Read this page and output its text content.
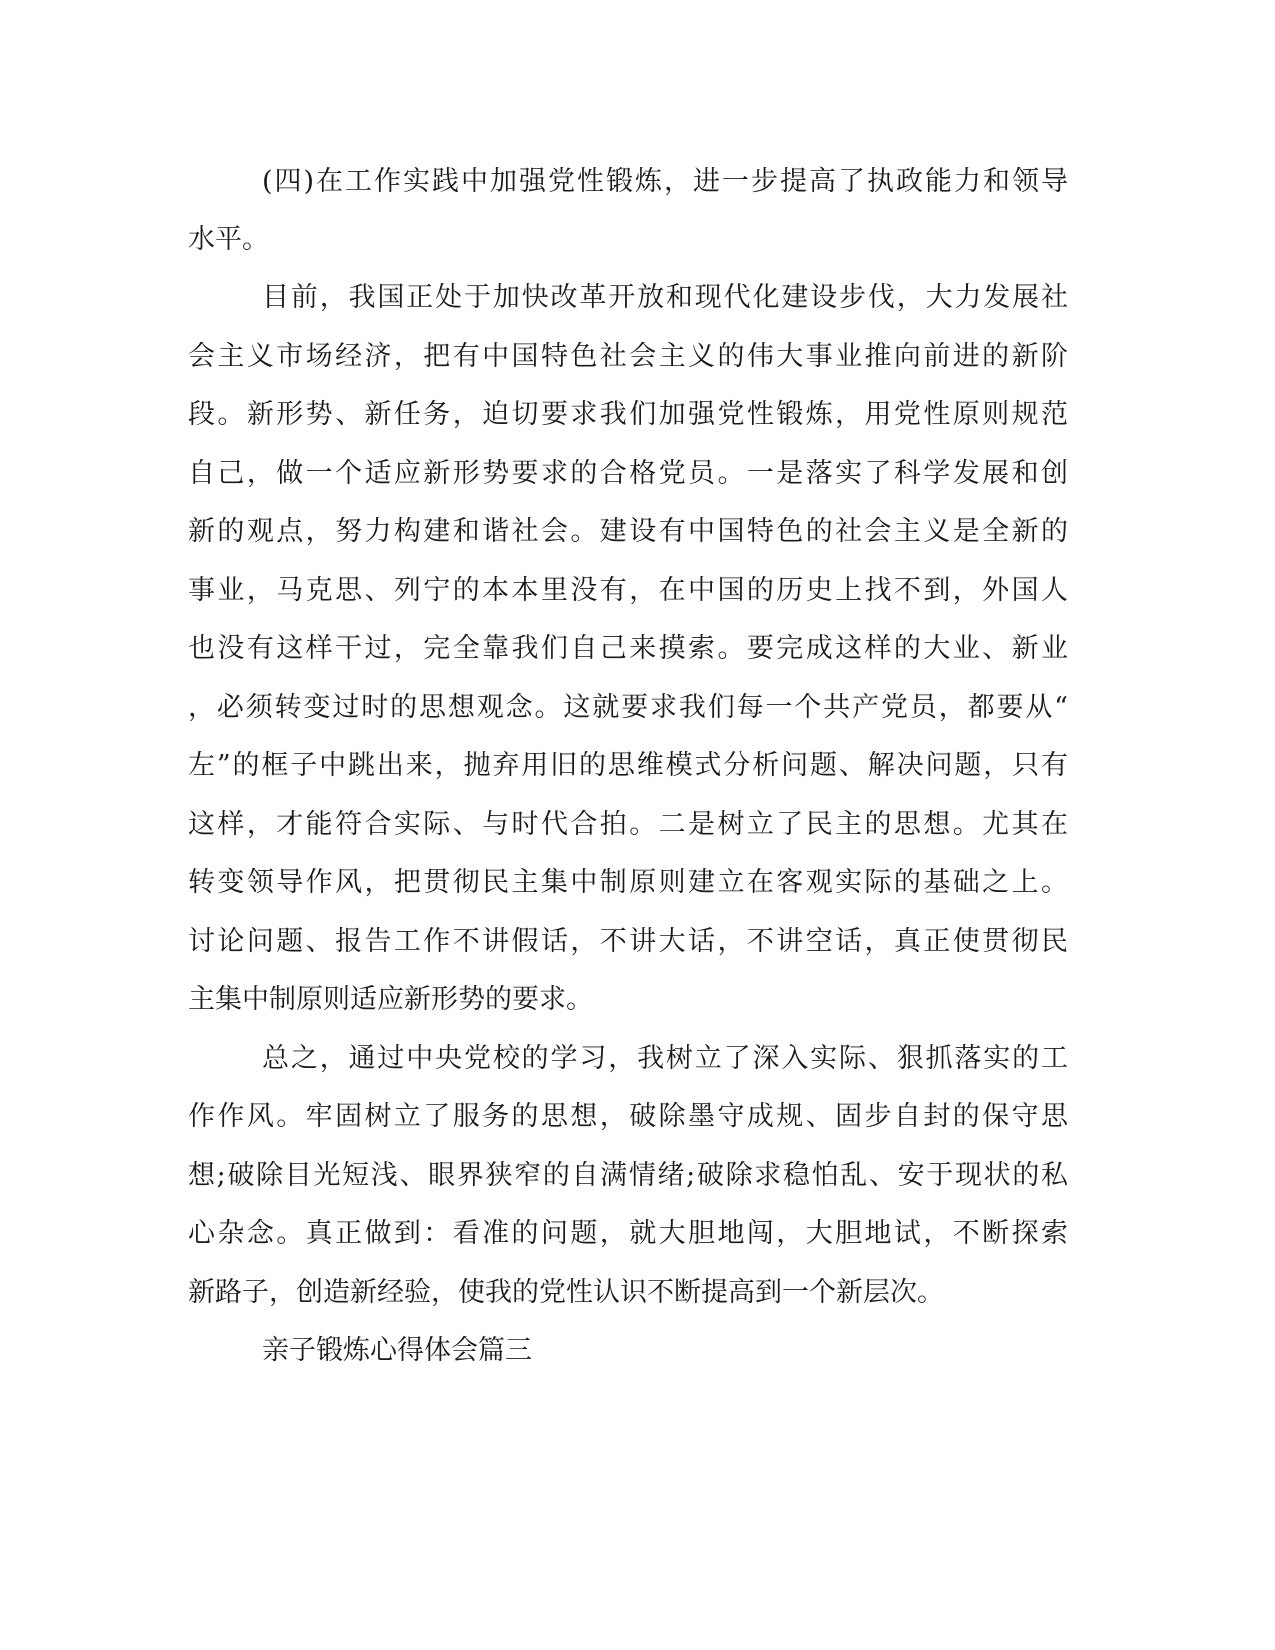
(四)在工作实践中加强党性锻炼，进一步提高了执政能力和领导
水平。
目前，我国正处于加快改革开放和现代化建设步伐，大力发展社
会主义市场经济，把有中国特色社会主义的伟大事业推向前进的新阶
段。新形势、新任务，迫切要求我们加强党性锻炼，用党性原则规范
自己，做一个适应新形势要求的合格党员。一是落实了科学发展和创
新的观点，努力构建和谐社会。建设有中国特色的社会主义是全新的
事业，马克思、列宁的本本里没有，在中国的历史上找不到，外国人
也没有这样干过，完全靠我们自己来摸索。要完成这样的大业、新业
，必须转变过时的思想观念。这就要求我们每一个共产党员，都要从“
左”的框子中跳出来，抛弃用旧的思维模式分析问题、解决问题，只有
这样，才能符合实际、与时代合拍。二是树立了民主的思想。尤其在
转变领导作风，把贯彻民主集中制原则建立在客观实际的基础之上。
讨论问题、报告工作不讲假话，不讲大话，不讲空话，真正使贯彻民
主集中制原则适应新形势的要求。
总之，通过中央党校的学习，我树立了深入实际、狠抓落实的工
作作风。牢固树立了服务的思想，破除墨守成规、固步自封的保守思
想;破除目光短浅、眼界狭窄的自满情绪;破除求稳怕乱、安于现状的私
心杂念。真正做到：看准的问题，就大胆地闯，大胆地试，不断探索
新路子，创造新经验，使我的党性认识不断提高到一个新层次。
亲子锻炼心得体会篇三
